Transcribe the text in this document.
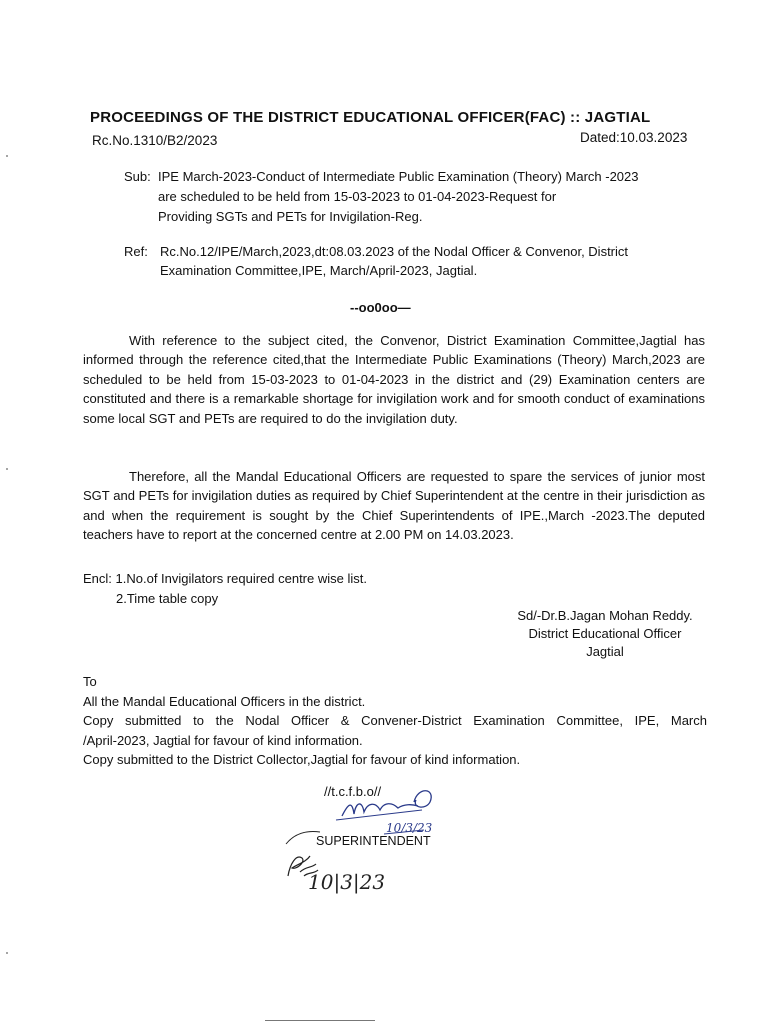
PROCEEDINGS OF THE DISTRICT EDUCATIONAL OFFICER(FAC) :: JAGTIAL
Rc.No.1310/B2/2023	Dated:10.03.2023
Sub: IPE March-2023-Conduct of Intermediate Public Examination (Theory) March -2023
are scheduled to be held from 15-03-2023 to 01-04-2023-Request for
Providing SGTs and PETs for Invigilation-Reg.
Ref: Rc.No.12/IPE/March,2023,dt:08.03.2023 of the Nodal Officer & Convenor, District
Examination Committee,IPE, March/April-2023, Jagtial.
--oo0oo—
With reference to the subject cited, the Convenor, District Examination Committee,Jagtial has informed through the reference cited,that the Intermediate Public Examinations (Theory) March,2023 are scheduled to be held from 15-03-2023 to 01-04-2023 in the district and (29) Examination centers are constituted and there is a remarkable shortage for invigilation work and for smooth conduct of examinations some local SGT and PETs are required to do the invigilation duty.
Therefore, all the Mandal Educational Officers are requested to spare the services of junior most SGT and PETs for invigilation duties as required by Chief Superintendent at the centre in their jurisdiction as and when the requirement is sought by the Chief Superintendents of IPE.,March -2023.The deputed teachers have to report at the concerned centre at 2.00 PM on 14.03.2023.
Encl: 1.No.of Invigilators required centre wise list.
2.Time table copy
Sd/-Dr.B.Jagan Mohan Reddy.
District Educational Officer
Jagtial
To
All the Mandal Educational Officers in the district.
Copy submitted to the Nodal Officer & Convener-District Examination Committee, IPE, March
/April-2023, Jagtial for favour of kind information.
Copy submitted to the District Collector,Jagtial for favour of kind information.
//t.c.f.b.o//
10/3/23
SUPERINTENDENT
10|3|23
